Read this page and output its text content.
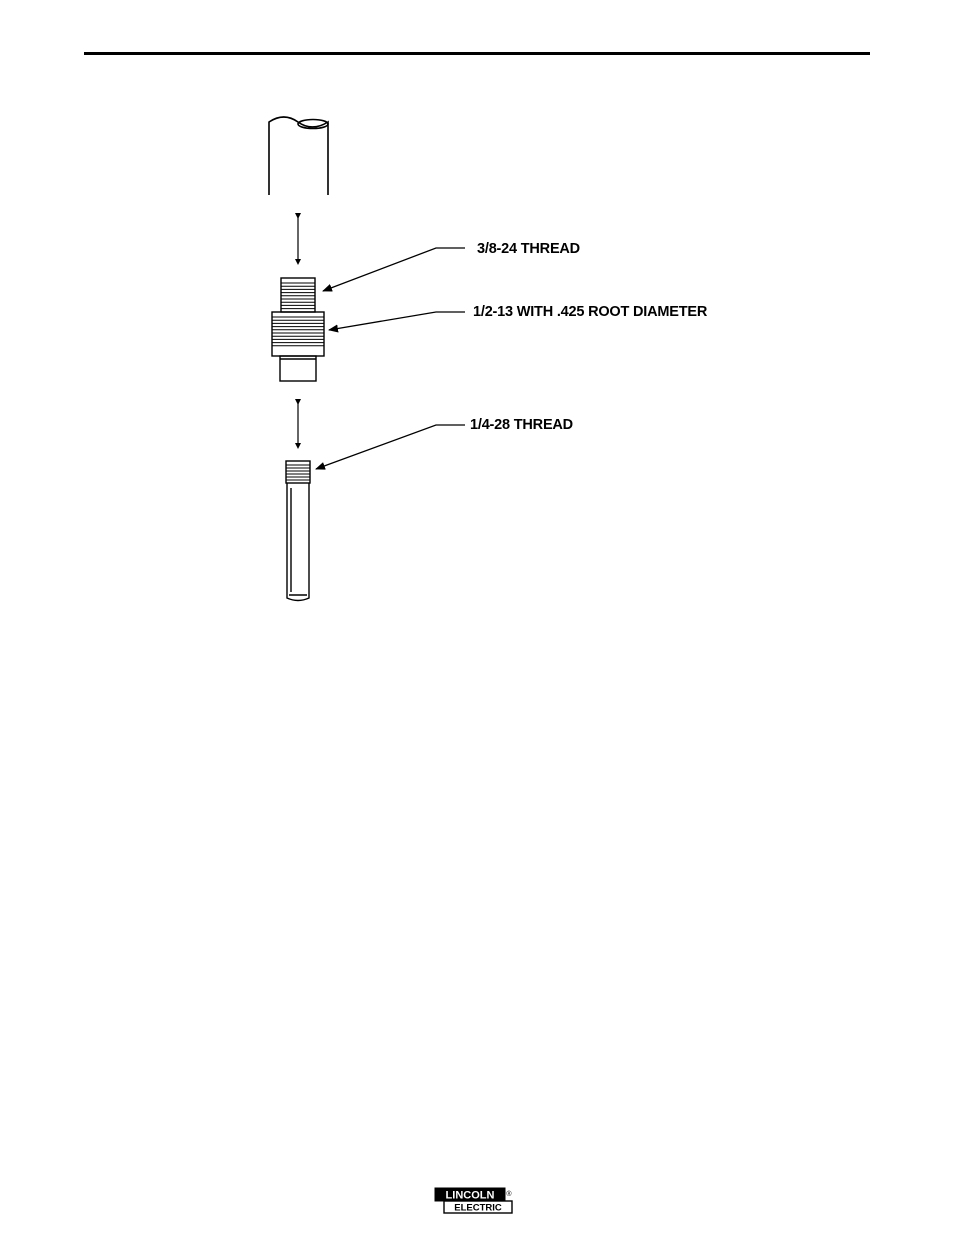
3/8-24 THREAD
1/2-13 WITH .425 ROOT DIAMETER
1/4-28 THREAD
LINCOLN ®
ELECTRIC
